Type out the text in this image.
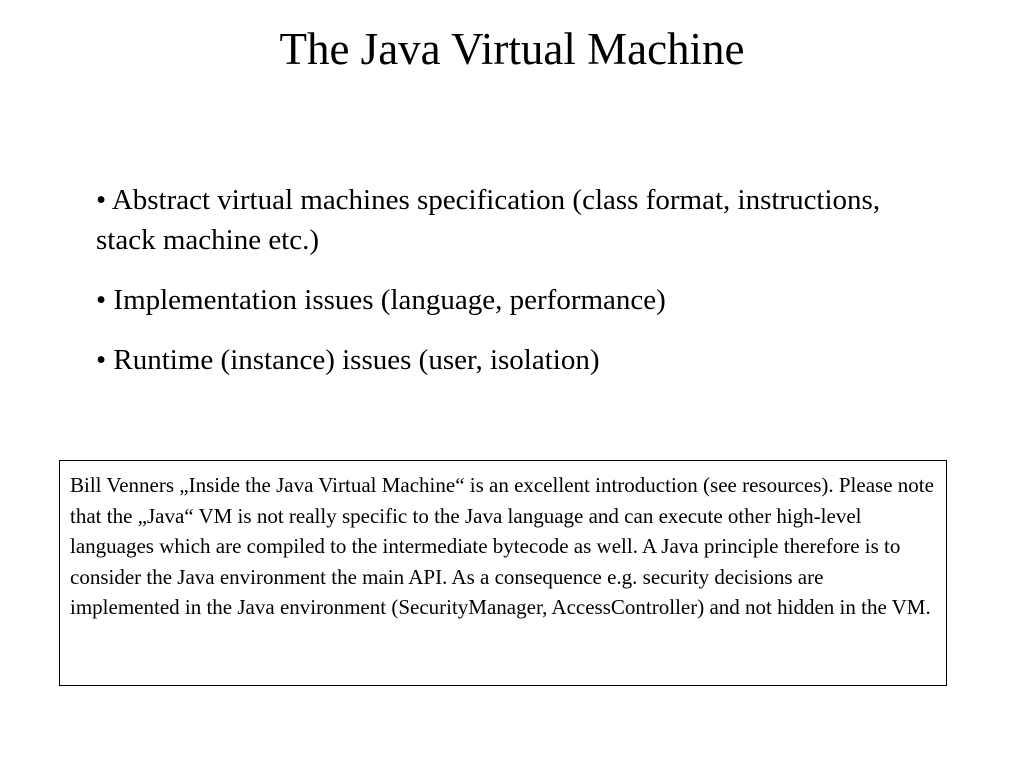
The Java Virtual Machine
• Abstract virtual machines specification (class format, instructions, stack machine etc.)
• Implementation issues (language, performance)
• Runtime (instance) issues (user, isolation)

Bill Venners „Inside the Java Virtual Machine“ is an excellent introduction (see resources). Please note that the „Java“ VM is not really specific to the Java language and can execute other high-level languages which are compiled to the intermediate bytecode as well. A Java principle therefore is to consider the Java environment the main API. As a consequence e.g. security decisions are implemented in the Java environment (SecurityManager, AccessController) and not hidden in the VM.
